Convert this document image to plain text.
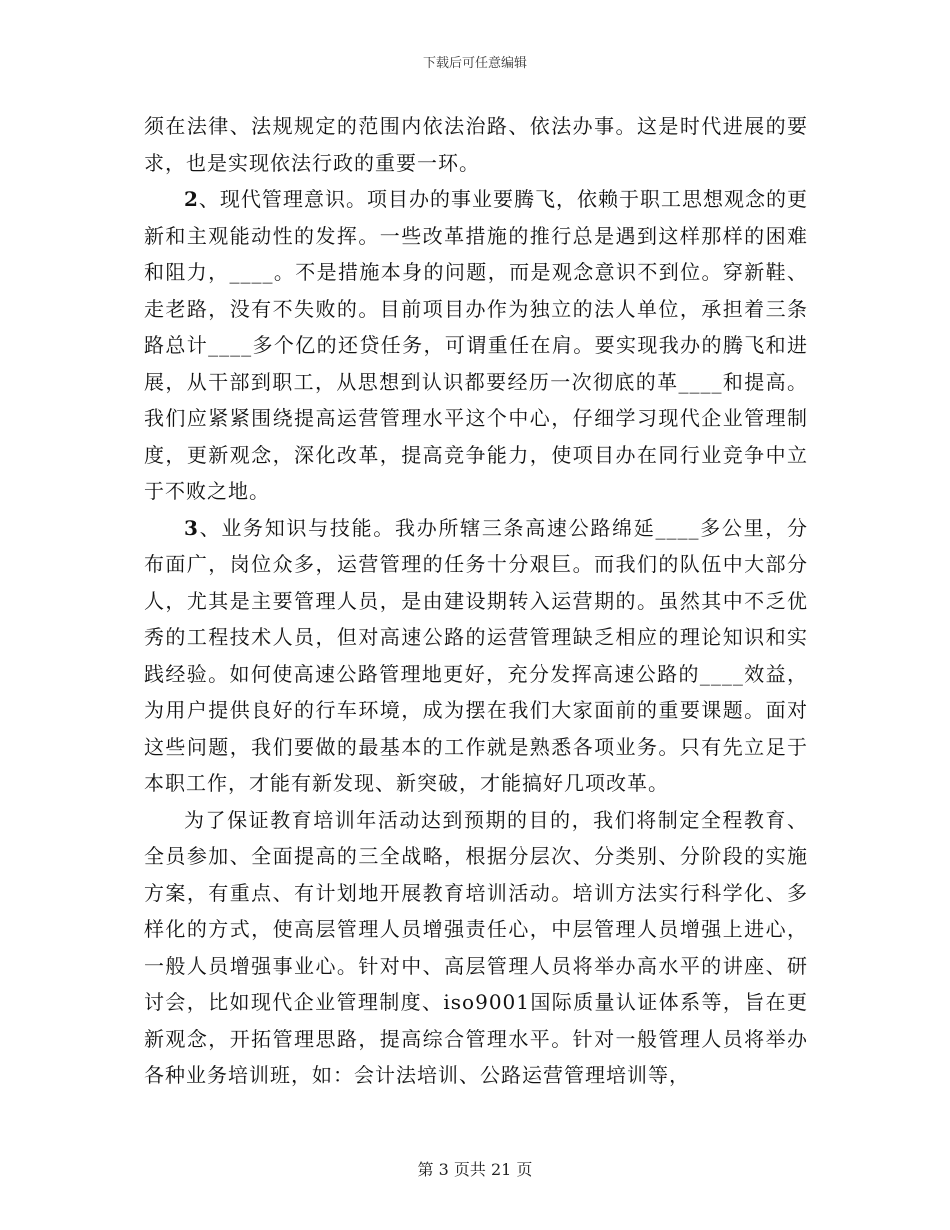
下载后可任意编辑

须在法律、法规规定的范围内依法治路、依法办事。这是时代进展的要求，也是实现依法行政的重要一环。

2、现代管理意识。项目办的事业要腾飞，依赖于职工思想观念的更新和主观能动性的发挥。一些改革措施的推行总是遇到这样那样的困难和阻力，____。不是措施本身的问题，而是观念意识不到位。穿新鞋、走老路，没有不失败的。目前项目办作为独立的法人单位，承担着三条路总计____多个亿的还贷任务，可谓重任在肩。要实现我办的腾飞和进展，从干部到职工，从思想到认识都要经历一次彻底的革____和提高。我们应紧紧围绕提高运营管理水平这个中心，仔细学习现代企业管理制度，更新观念，深化改革，提高竞争能力，使项目办在同行业竞争中立于不败之地。

3、业务知识与技能。我办所辖三条高速公路绵延____多公里，分布面广，岗位众多，运营管理的任务十分艰巨。而我们的队伍中大部分人，尤其是主要管理人员，是由建设期转入运营期的。虽然其中不乏优秀的工程技术人员，但对高速公路的运营管理缺乏相应的理论知识和实践经验。如何使高速公路管理地更好，充分发挥高速公路的____效益，为用户提供良好的行车环境，成为摆在我们大家面前的重要课题。面对这些问题，我们要做的最基本的工作就是熟悉各项业务。只有先立足于本职工作，才能有新发现、新突破，才能搞好几项改革。

为了保证教育培训年活动达到预期的目的，我们将制定全程教育、全员参加、全面提高的三全战略，根据分层次、分类别、分阶段的实施方案，有重点、有计划地开展教育培训活动。培训方法实行科学化、多样化的方式，使高层管理人员增强责任心，中层管理人员增强上进心，一般人员增强事业心。针对中、高层管理人员将举办高水平的讲座、研讨会，比如现代企业管理制度、iso9001国际质量认证体系等，旨在更新观念，开拓管理思路，提高综合管理水平。针对一般管理人员将举办各种业务培训班，如：会计法培训、公路运营管理培训等，

第 3 页共 21 页
